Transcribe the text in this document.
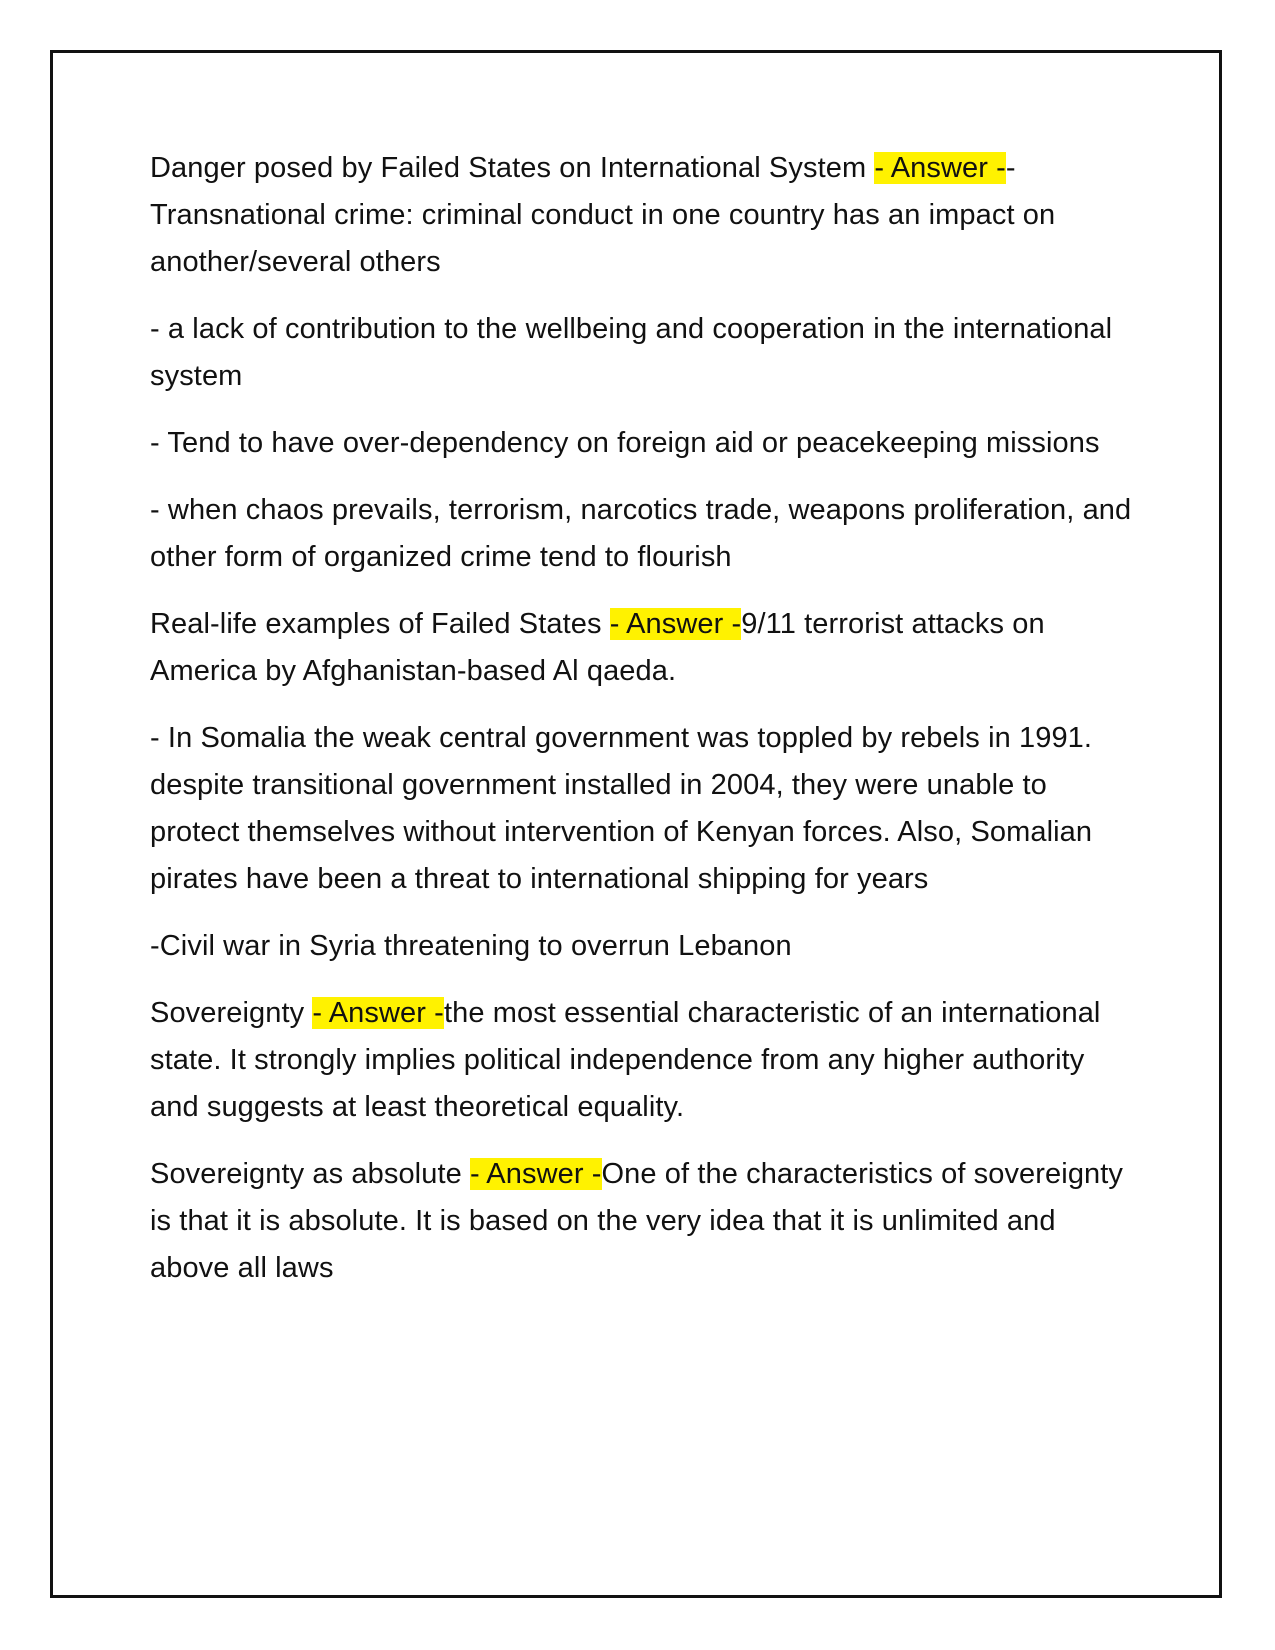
Danger posed by Failed States on International System - Answer --
Transnational crime: criminal conduct in one country has an impact on another/several others

- a lack of contribution to the wellbeing and cooperation in the international system

- Tend to have over-dependency on foreign aid or peacekeeping missions

- when chaos prevails, terrorism, narcotics trade, weapons proliferation, and other form of organized crime tend to flourish

Real-life examples of Failed States - Answer -9/11 terrorist attacks on America by Afghanistan-based Al qaeda.

- In Somalia the weak central government was toppled by rebels in 1991. despite transitional government installed in 2004, they were unable to protect themselves without intervention of Kenyan forces. Also, Somalian pirates have been a threat to international shipping for years

-Civil war in Syria threatening to overrun Lebanon

Sovereignty - Answer -the most essential characteristic of an international state. It strongly implies political independence from any higher authority and suggests at least theoretical equality.

Sovereignty as absolute - Answer -One of the characteristics of sovereignty is that it is absolute. It is based on the very idea that it is unlimited and above all laws
